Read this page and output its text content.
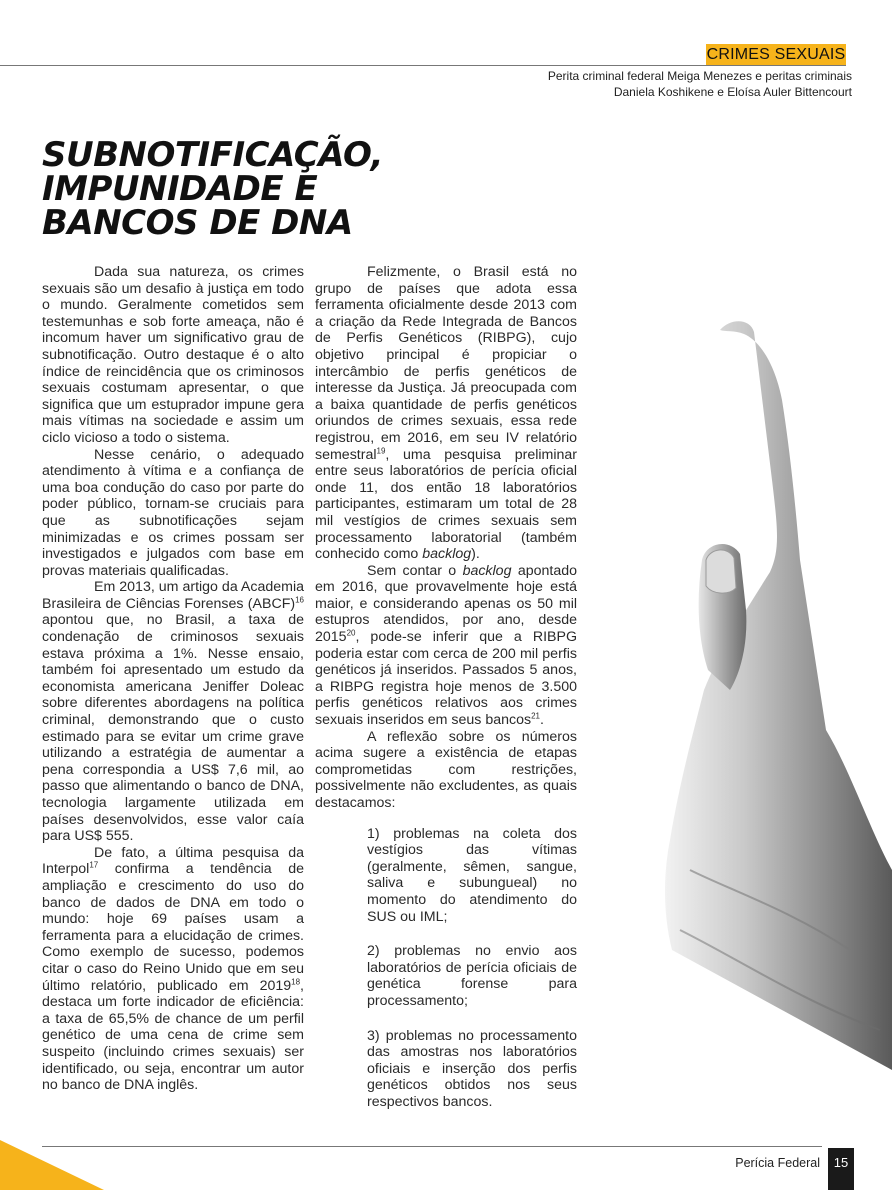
CRIMES SEXUAIS
Perita criminal federal Meiga Menezes e peritas criminais
Daniela Koshikene e Eloísa Auler Bittencourt
SUBNOTIFICAÇÃO,
IMPUNIDADE E
BANCOS DE DNA

Dada sua natureza, os crimes sexuais são um desafio à justiça em todo o mundo. Geralmente cometidos sem testemunhas e sob forte ameaça, não é incomum haver um significativo grau de subnotificação. Outro destaque é o alto índice de reincidência que os criminosos sexuais costumam apresentar, o que significa que um estuprador impune gera mais vítimas na sociedade e assim um ciclo vicioso a todo o sistema.

Nesse cenário, o adequado atendimento à vítima e a confiança de uma boa condução do caso por parte do poder público, tornam-se cruciais para que as subnotificações sejam minimizadas e os crimes possam ser investigados e julgados com base em provas materiais qualificadas.

Em 2013, um artigo da Academia Brasileira de Ciências Forenses (ABCF)$^{16}$ apontou que, no Brasil, a taxa de condenação de criminosos sexuais estava próxima a 1%. Nesse ensaio, também foi apresentado um estudo da economista americana Jeniffer Doleac sobre diferentes abordagens na política criminal, demonstrando que o custo estimado para se evitar um crime grave utilizando a estratégia de aumentar a pena correspondia a US$ 7,6 mil, ao passo que alimentando o banco de DNA, tecnologia largamente utilizada em países desenvolvidos, esse valor caía para US$ 555.

De fato, a última pesquisa da Interpol$^{17}$ confirma a tendência de ampliação e crescimento do uso do banco de dados de DNA em todo o mundo: hoje 69 países usam a ferramenta para a elucidação de crimes. Como exemplo de sucesso, podemos citar o caso do Reino Unido que em seu último relatório, publicado em 2019$^{18}$, destaca um forte indicador de eficiência: a taxa de 65,5% de chance de um perfil genético de uma cena de crime sem suspeito (incluindo crimes sexuais) ser identificado, ou seja, encontrar um autor no banco de DNA inglês.

Felizmente, o Brasil está no grupo de países que adota essa ferramenta oficialmente desde 2013 com a criação da Rede Integrada de Bancos de Perfis Genéticos (RIBPG), cujo objetivo principal é propiciar o intercâmbio de perfis genéticos de interesse da Justiça. Já preocupada com a baixa quantidade de perfis genéticos oriundos de crimes sexuais, essa rede registrou, em 2016, em seu IV relatório semestral$^{19}$, uma pesquisa preliminar entre seus laboratórios de perícia oficial onde 11, dos então 18 laboratórios participantes, estimaram um total de 28 mil vestígios de crimes sexuais sem processamento laboratorial (também conhecido como backlog).

Sem contar o backlog apontado em 2016, que provavelmente hoje está maior, e considerando apenas os 50 mil estupros atendidos, por ano, desde 2015$^{20}$, pode-se inferir que a RIBPG poderia estar com cerca de 200 mil perfis genéticos já inseridos. Passados 5 anos, a RIBPG registra hoje menos de 3.500 perfis genéticos relativos aos crimes sexuais inseridos em seus bancos$^{21}$.

A reflexão sobre os números acima sugere a existência de etapas comprometidas com restrições, possivelmente não excludentes, as quais destacamos:

1) problemas na coleta dos vestígios das vítimas (geralmente, sêmen, sangue, saliva e subungueal) no momento do atendimento do SUS ou IML;
2) problemas no envio aos laboratórios de perícia oficiais de genética forense para processamento;
3) problemas no processamento das amostras nos laboratórios oficiais e inserção dos perfis genéticos obtidos nos seus respectivos bancos.
Perícia Federal	15
